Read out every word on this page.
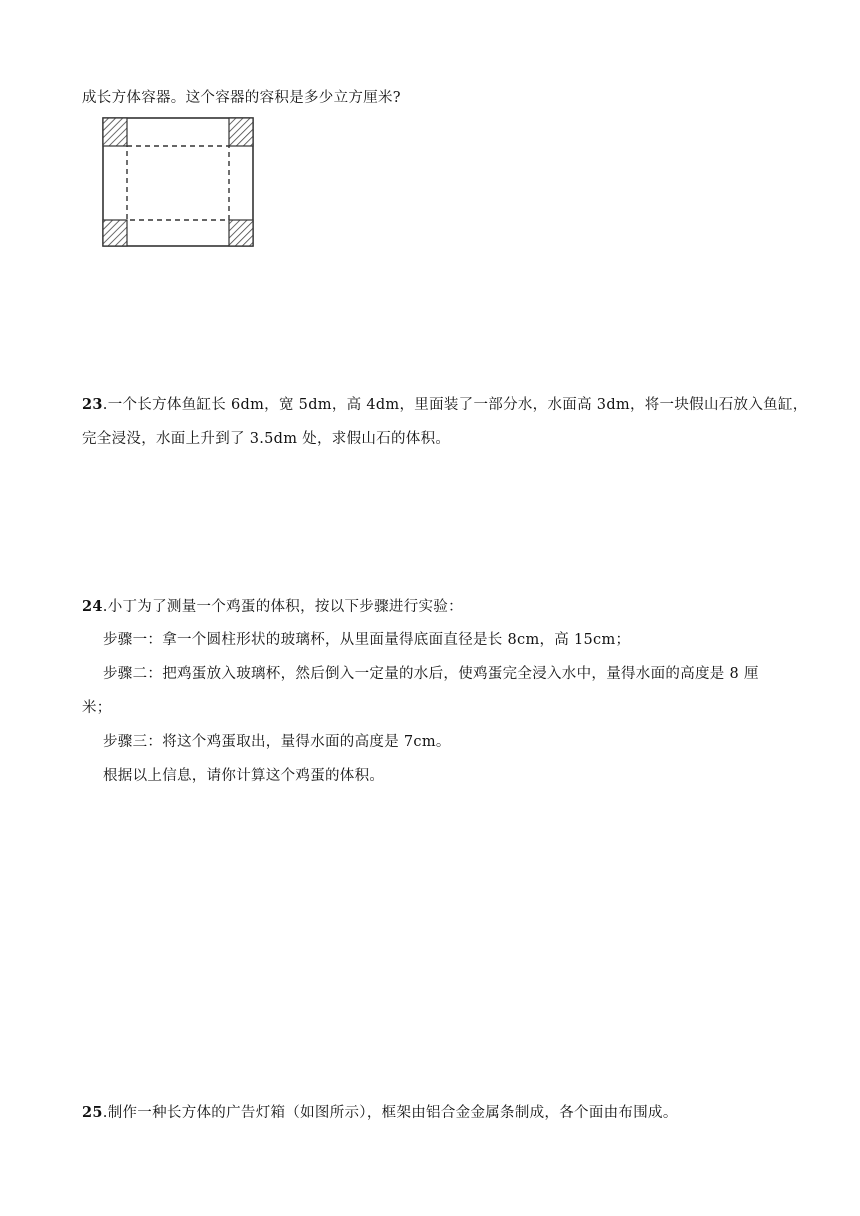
成长方体容器。这个容器的容积是多少立方厘米?
23.一个长方体鱼缸长 6dm，宽 5dm，高 4dm，里面装了一部分水，水面高 3dm，将一块假山石放入鱼缸，
完全浸没，水面上升到了 3.5dm 处，求假山石的体积。
24.小丁为了测量一个鸡蛋的体积，按以下步骤进行实验：
步骤一：拿一个圆柱形状的玻璃杯，从里面量得底面直径是长 8cm，高 15cm；
步骤二：把鸡蛋放入玻璃杯，然后倒入一定量的水后，使鸡蛋完全浸入水中，量得水面的高度是 8 厘
米；
步骤三：将这个鸡蛋取出，量得水面的高度是 7cm。
根据以上信息，请你计算这个鸡蛋的体积。
25.制作一种长方体的广告灯箱（如图所示），框架由铝合金金属条制成，各个面由布围成。
